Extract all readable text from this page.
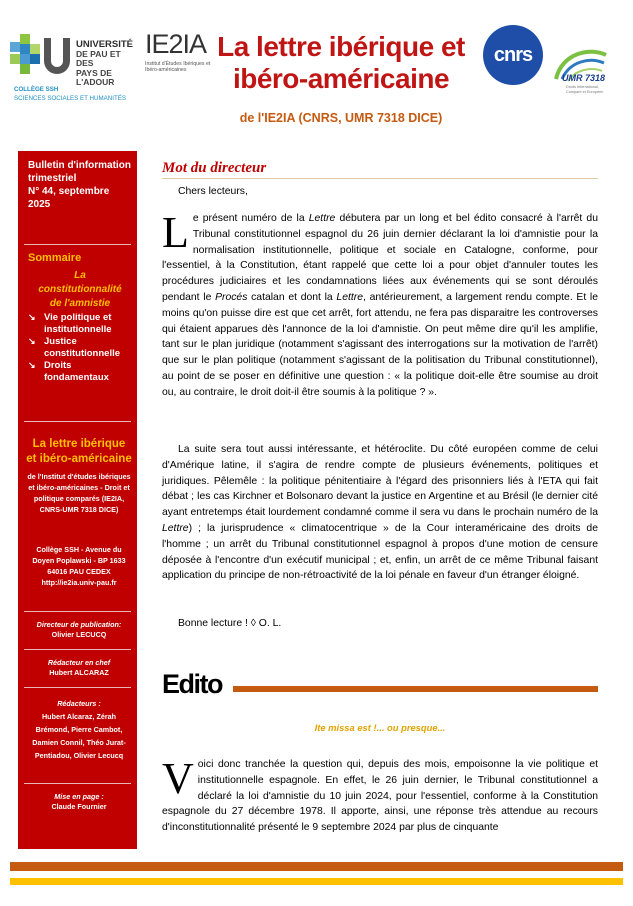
UNIVERSITÉ
DE PAU ET DES
PAYS DE L'ADOUR
COLLÈGE SSH
SCIENCES SOCIALES ET HUMANITÉS
IE2IA
Institut d'Études Ibériques et Ibéro-américaines
La lettre ibérique et
ibéro-américaine
de l'IE2IA (CNRS, UMR 7318 DICE)
cnrs
UMR 7318
Droits International, Comparé et Européen
Bulletin d'information
trimestriel
N° 44, septembre 2025
Sommaire
La constitutionnalité de l'amnistie
↘ Vie politique et institutionnelle
↘ Justice constitutionnelle
↘ Droits fondamentaux
La lettre ibérique et ibéro-américaine
de l'Institut d'études ibériques et ibéro-américaines - Droit et politique comparés (IE2IA, CNRS-UMR 7318 DICE)
Collège SSH - Avenue du Doyen Poplawski - BP 1633 64016 PAU CEDEX http://ie2ia.univ-pau.fr
Directeur de publication:
Olivier LECUCQ
Rédacteur en chef
Hubert ALCARAZ
Rédacteurs :
Hubert Alcaraz, Zérah Brémond, Pierre Cambot, Damien Connil, Théo Jurat-Pentiadou, Olivier Lecucq
Mise en page :
Claude Fournier
Mot du directeur
Chers lecteurs,
Le présent numéro de la Lettre débutera par un long et bel édito consacré à l'arrêt du Tribunal constitutionnel espagnol du 26 juin dernier déclarant la loi d'amnistie pour la normalisation institutionnelle, politique et sociale en Catalogne, conforme, pour l'essentiel, à la Constitution, étant rappelé que cette loi a pour objet d'annuler toutes les procédures judiciaires et les condamnations liées aux événements qui se sont déroulés pendant le Procés catalan et dont la Lettre, antérieurement, a largement rendu compte. Et le moins qu'on puisse dire est que cet arrêt, fort attendu, ne fera pas disparaitre les controverses qui étaient apparues dès l'annonce de la loi d'amnistie. On peut même dire qu'il les amplifie, tant sur le plan juridique (notamment s'agissant des interrogations sur la motivation de l'arrêt) que sur le plan politique (notamment s'agissant de la politisation du Tribunal constitutionnel), au point de se poser en définitive une question : « la politique doit-elle être soumise au droit ou, au contraire, le droit doit-il être soumis à la politique ? ».
La suite sera tout aussi intéressante, et hétéroclite. Du côté européen comme de celui d'Amérique latine, il s'agira de rendre compte de plusieurs événements, politiques et juridiques. Pêlemêle : la politique pénitentiaire à l'égard des prisonniers liés à l'ETA qui fait débat ; les cas Kirchner et Bolsonaro devant la justice en Argentine et au Brésil (le dernier cité ayant entretemps était lourdement condamné comme il sera vu dans le prochain numéro de la Lettre) ; la jurisprudence « climatocentrique » de la Cour interaméricaine des droits de l'homme ; un arrêt du Tribunal constitutionnel espagnol à propos d'une motion de censure déposée à l'encontre d'un exécutif municipal ; et, enfin, un arrêt de ce même Tribunal faisant application du principe de non-rétroactivité de la loi pénale en faveur d'un étranger éloigné.
Bonne lecture ! ◊ O. L.
Edito
Ite missa est !... ou presque...
Voici donc tranchée la question qui, depuis des mois, empoisonne la vie politique et institutionnelle espagnole. En effet, le 26 juin dernier, le Tribunal constitutionnel a déclaré la loi d'amnistie du 10 juin 2024, pour l'essentiel, conforme à la Constitution espagnole du 27 décembre 1978. Il apporte, ainsi, une réponse très attendue au recours d'inconstitutionnalité présenté le 9 septembre 2024 par plus de cinquante
